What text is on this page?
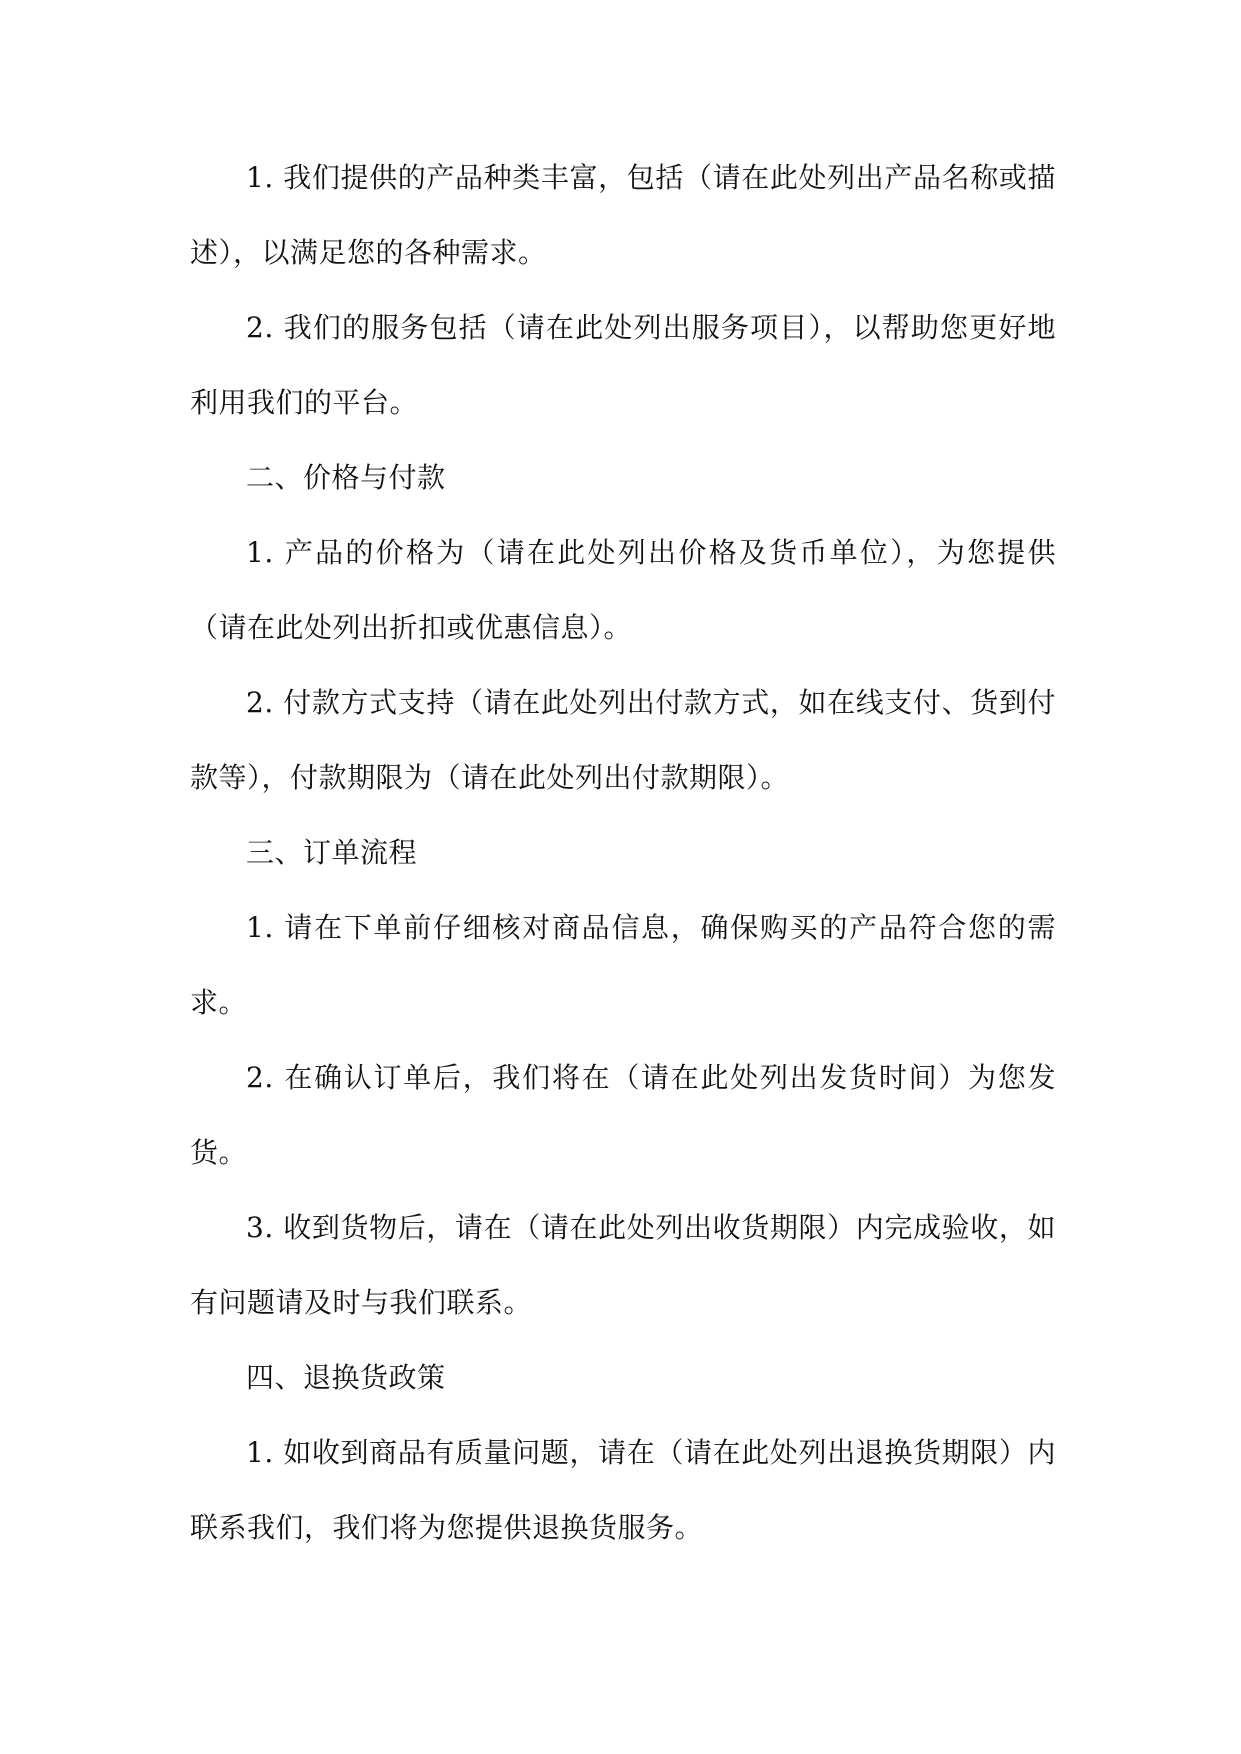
1. 我们提供的产品种类丰富，包括（请在此处列出产品名称或描述），以满足您的各种需求。

2. 我们的服务包括（请在此处列出服务项目），以帮助您更好地利用我们的平台。

二、价格与付款

1. 产品的价格为（请在此处列出价格及货币单位），为您提供（请在此处列出折扣或优惠信息）。

2. 付款方式支持（请在此处列出付款方式，如在线支付、货到付款等），付款期限为（请在此处列出付款期限）。

三、订单流程

1. 请在下单前仔细核对商品信息，确保购买的产品符合您的需求。

2. 在确认订单后，我们将在（请在此处列出发货时间）为您发货。

3. 收到货物后，请在（请在此处列出收货期限）内完成验收，如有问题请及时与我们联系。

四、退换货政策

1. 如收到商品有质量问题，请在（请在此处列出退换货期限）内联系我们，我们将为您提供退换货服务。
